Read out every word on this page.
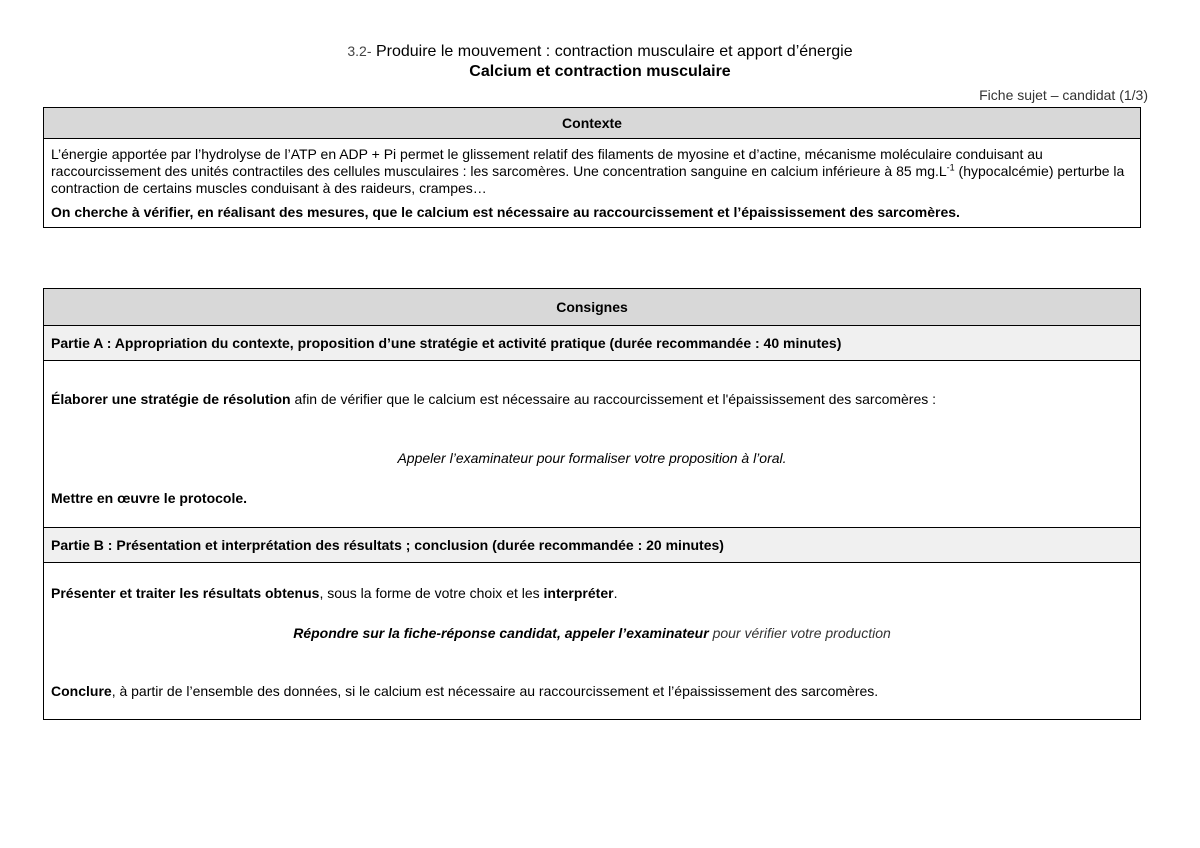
3.2- Produire le mouvement : contraction musculaire et apport d’énergie
Calcium et contraction musculaire
Fiche sujet – candidat (1/3)
Contexte

L’énergie apportée par l’hydrolyse de l’ATP en ADP + Pi permet le glissement relatif des filaments de myosine et d’actine, mécanisme moléculaire conduisant au raccourcissement des unités contractiles des cellules musculaires : les sarcomères. Une concentration sanguine en calcium inférieure à 85 $mg.L^{-1}$ (hypocalcémie) perturbe la contraction de certains muscles conduisant à des raideurs, crampes…

On cherche à vérifier, en réalisant des mesures, que le calcium est nécessaire au raccourcissement et l’épaississement des sarcomères.

Consignes
Partie A : Appropriation du contexte, proposition d’une stratégie et activité pratique (durée recommandée : 40 minutes)

Élaborer une stratégie de résolution afin de vérifier que le calcium est nécessaire au raccourcissement et l'épaississement des sarcomères :
Appeler l’examinateur pour formaliser votre proposition à l’oral.
Mettre en œuvre le protocole.

Partie B : Présentation et interprétation des résultats ; conclusion (durée recommandée : 20 minutes)

Présenter et traiter les résultats obtenus, sous la forme de votre choix et les interpréter.
Répondre sur la fiche-réponse candidat, appeler l’examinateur pour vérifier votre production
Conclure, à partir de l’ensemble des données, si le calcium est nécessaire au raccourcissement et l’épaississement des sarcomères.
